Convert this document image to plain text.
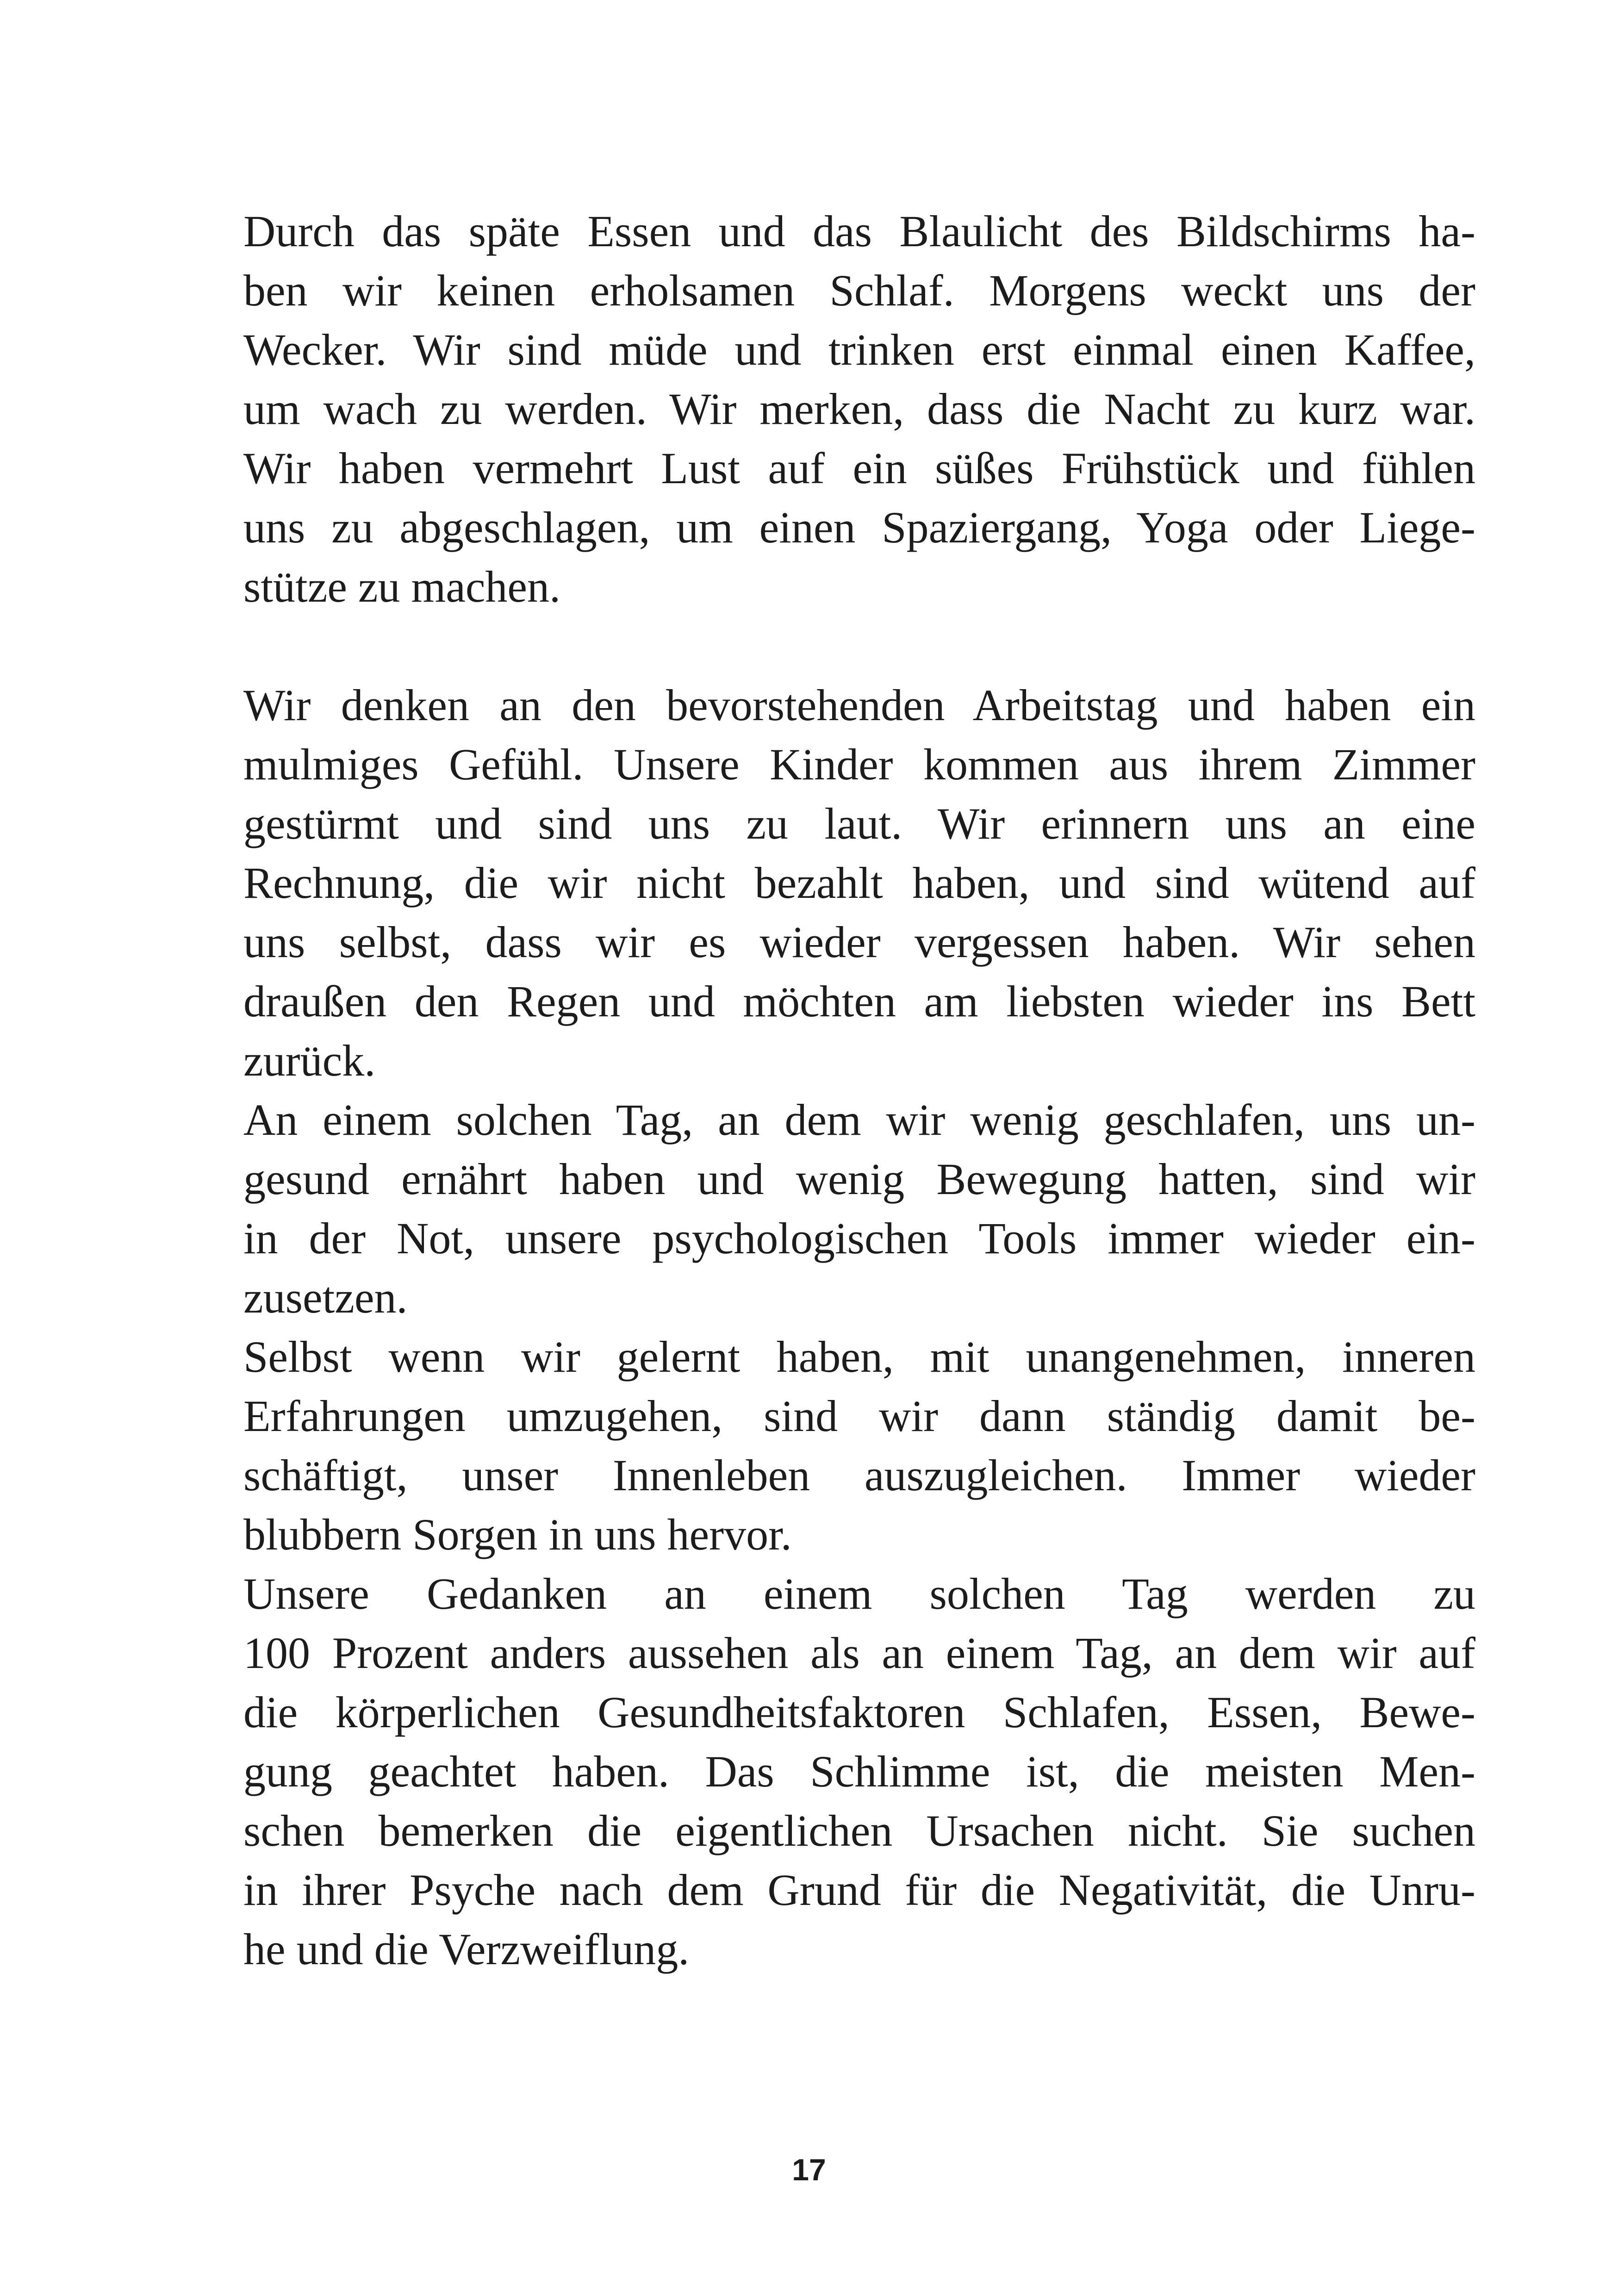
Durch das späte Essen und das Blaulicht des Bildschirms ha-
ben wir keinen erholsamen Schlaf. Morgens weckt uns der
Wecker. Wir sind müde und trinken erst einmal einen Kaffee,
um wach zu werden. Wir merken, dass die Nacht zu kurz war.
Wir haben vermehrt Lust auf ein süßes Frühstück und fühlen
uns zu abgeschlagen, um einen Spaziergang, Yoga oder Liege-
stütze zu machen.
Wir denken an den bevorstehenden Arbeitstag und haben ein
mulmiges Gefühl. Unsere Kinder kommen aus ihrem Zimmer
gestürmt und sind uns zu laut. Wir erinnern uns an eine
Rechnung, die wir nicht bezahlt haben, und sind wütend auf
uns selbst, dass wir es wieder vergessen haben. Wir sehen
draußen den Regen und möchten am liebsten wieder ins Bett
zurück.
An einem solchen Tag, an dem wir wenig geschlafen, uns un-
gesund ernährt haben und wenig Bewegung hatten, sind wir
in der Not, unsere psychologischen Tools immer wieder ein-
zusetzen.
Selbst wenn wir gelernt haben, mit unangenehmen, inneren
Erfahrungen umzugehen, sind wir dann ständig damit be-
schäftigt, unser Innenleben auszugleichen. Immer wieder
blubbern Sorgen in uns hervor.
Unsere Gedanken an einem solchen Tag werden zu
100 Prozent anders aussehen als an einem Tag, an dem wir auf
die körperlichen Gesundheitsfaktoren Schlafen, Essen, Bewe-
gung geachtet haben. Das Schlimme ist, die meisten Men-
schen bemerken die eigentlichen Ursachen nicht. Sie suchen
in ihrer Psyche nach dem Grund für die Negativität, die Unru-
he und die Verzweiflung.
17
